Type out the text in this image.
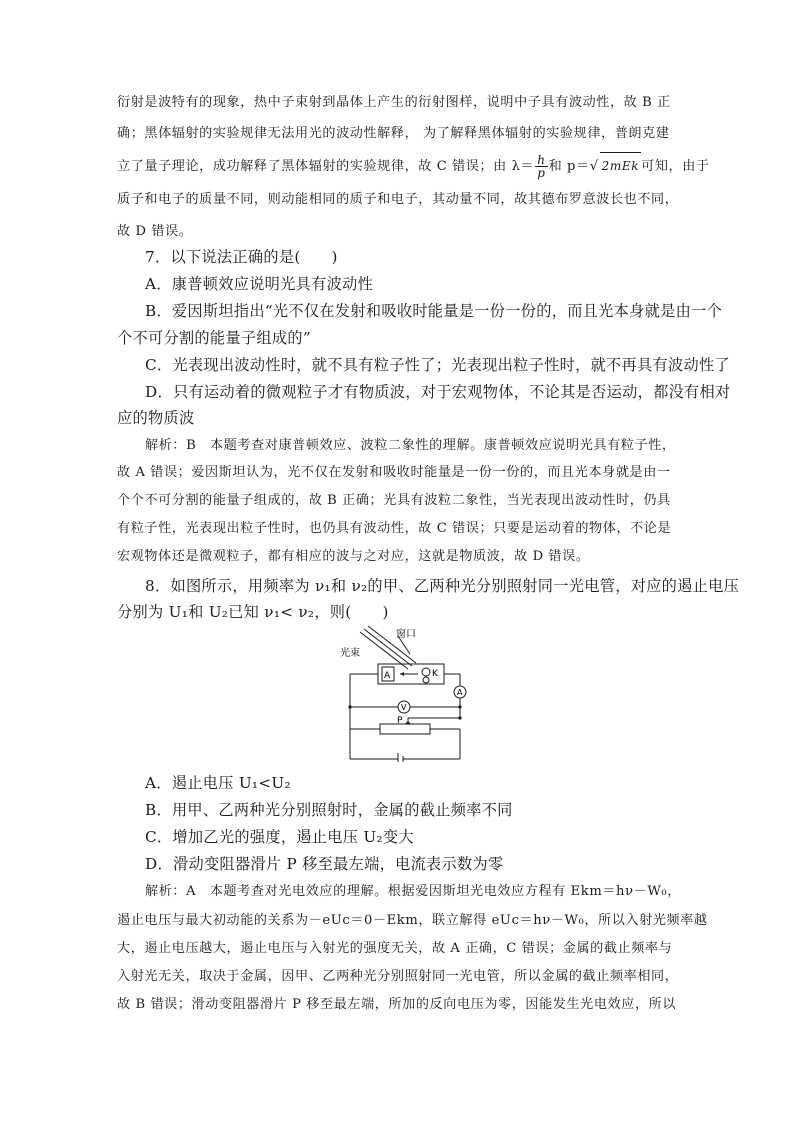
衍射是波特有的现象，热中子束射到晶体上产生的衍射图样，说明中子具有波动性，故 B 正
确；黑体辐射的实验规律无法用光的波动性解释， 为了解释黑体辐射的实验规律，普朗克建
立了量子理论，成功解释了黑体辐射的实验规律，故 C 错误；由 $\lambda= \frac{h}{p}$ 和 p＝√ 2mEk 可知，由于
质子和电子的质量不同，则动能相同的质子和电子，其动量不同，故其德布罗意波长也不同，
故 D 错误。
7．以下说法正确的是(　　)
A．康普顿效应说明光具有波动性
B．爱因斯坦指出“光不仅在发射和吸收时能量是一份一份的，而且光本身就是由一个
个不可分割的能量子组成的”
C．光表现出波动性时，就不具有粒子性了；光表现出粒子性时，就不再具有波动性了
D．只有运动着的微观粒子才有物质波，对于宏观物体，不论其是否运动，都没有相对
应的物质波
解析：B　本题考查对康普顿效应、波粒二象性的理解。康普顿效应说明光具有粒子性，
故 A 错误；爱因斯坦认为，光不仅在发射和吸收时能量是一份一份的，而且光本身就是由一
个个不可分割的能量子组成的，故 B 正确；光具有波粒二象性，当光表现出波动性时，仍具
有粒子性，光表现出粒子性时，也仍具有波动性，故 C 错误；只要是运动着的物体，不论是
宏观物体还是微观粒子，都有相应的波与之对应，这就是物质波，故 D 错误。
8．如图所示，用频率为 ν₁和 ν₂的甲、乙两种光分别照射同一光电管，对应的遏止电压
分别为 U₁和 U₂已知 ν₁< ν₂，则(　　)
窗口
光束
A	K
A
V
P
A．遏止电压 U₁<U₂
B．用甲、乙两种光分别照射时，金属的截止频率不同
C．增加乙光的强度，遏止电压 U₂变大
D．滑动变阻器滑片 P 移至最左端，电流表示数为零
解析：A　本题考查对光电效应的理解。根据爱因斯坦光电效应方程有 Ekm＝hν－W₀，
遏止电压与最大初动能的关系为－eUc＝0－Ekm，联立解得 eUc＝hν－W₀，所以入射光频率越
大，遏止电压越大，遏止电压与入射光的强度无关，故 A 正确，C 错误；金属的截止频率与
入射光无关，取决于金属，因甲、乙两种光分别照射同一光电管，所以金属的截止频率相同，
故 B 错误；滑动变阻器滑片 P 移至最左端，所加的反向电压为零，因能发生光电效应，所以
